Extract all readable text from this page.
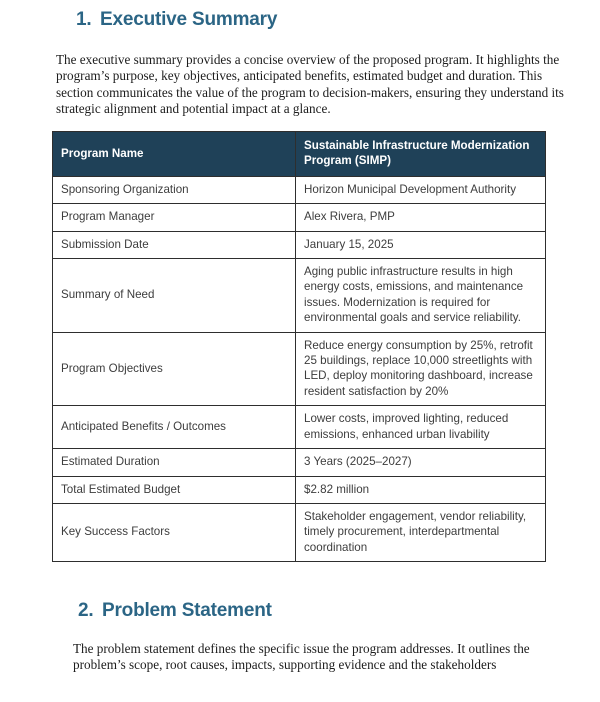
1. Executive Summary

The executive summary provides a concise overview of the proposed program. It highlights the program’s purpose, key objectives, anticipated benefits, estimated budget and duration. This section communicates the value of the program to decision-makers, ensuring they understand its strategic alignment and potential impact at a glance.

Program Name	Sustainable Infrastructure Modernization Program (SIMP)
Sponsoring Organization	Horizon Municipal Development Authority
Program Manager	Alex Rivera, PMP
Submission Date	January 15, 2025
Summary of Need	Aging public infrastructure results in high energy costs, emissions, and maintenance issues. Modernization is required for environmental goals and service reliability.
Program Objectives	Reduce energy consumption by 25%, retrofit 25 buildings, replace 10,000 streetlights with LED, deploy monitoring dashboard, increase resident satisfaction by 20%
Anticipated Benefits / Outcomes	Lower costs, improved lighting, reduced emissions, enhanced urban livability
Estimated Duration	3 Years (2025–2027)
Total Estimated Budget	$2.82 million
Key Success Factors	Stakeholder engagement, vendor reliability, timely procurement, interdepartmental coordination
2. Problem Statement

The problem statement defines the specific issue the program addresses. It outlines the problem’s scope, root causes, impacts, supporting evidence and the stakeholders
